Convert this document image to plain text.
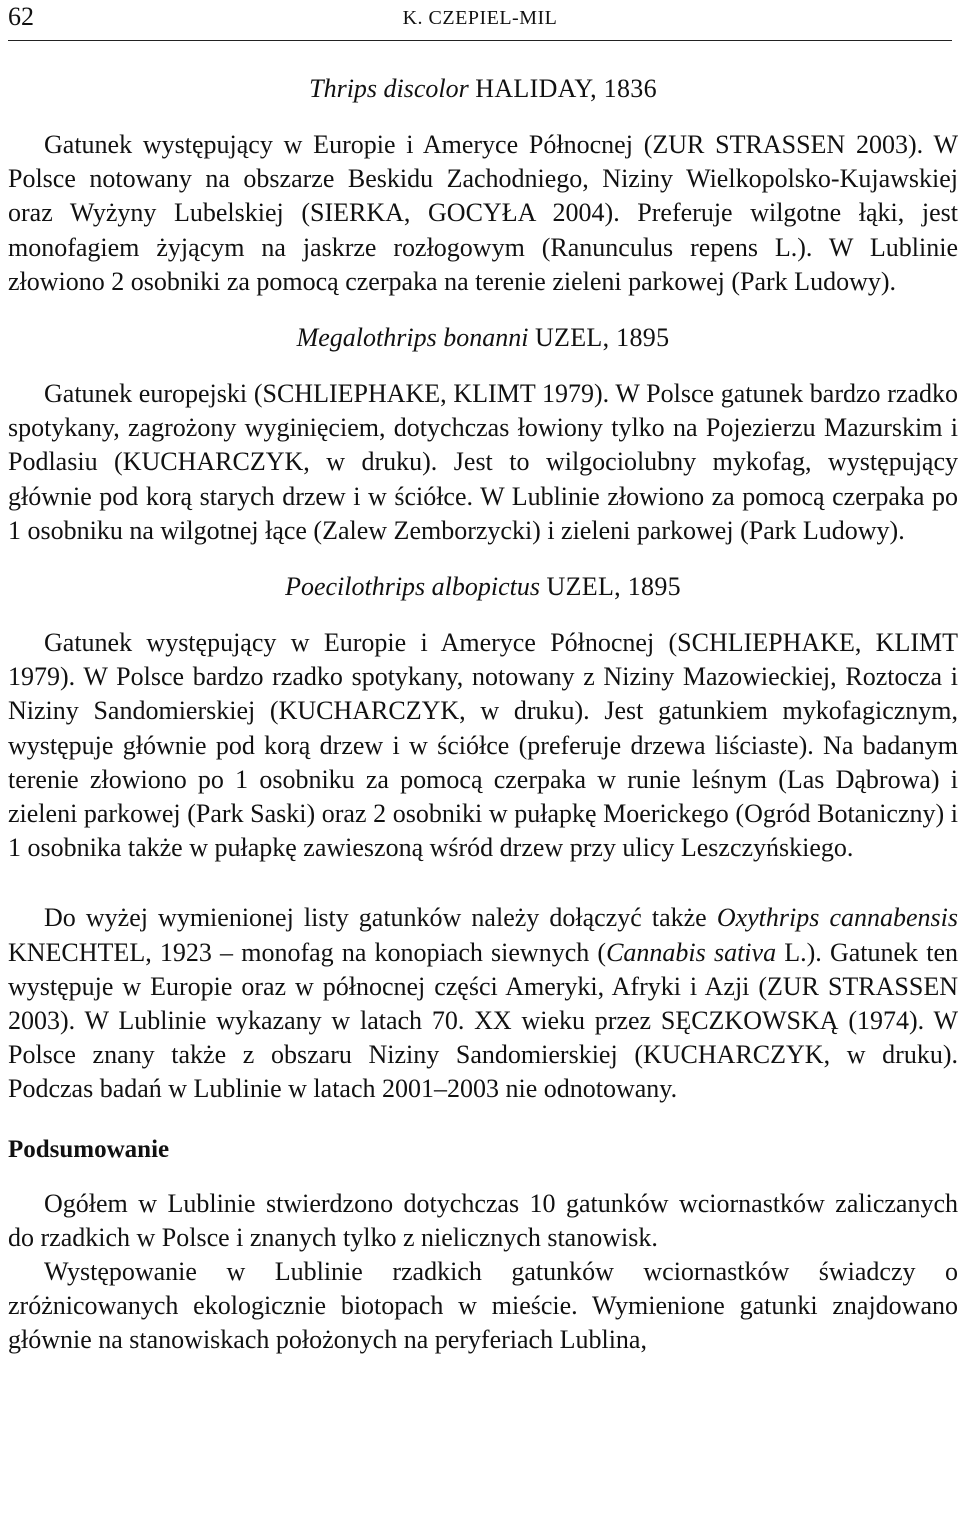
62	K. CZEPIEL-MIL
Thrips discolor HALIDAY, 1836

Gatunek występujący w Europie i Ameryce Północnej (ZUR STRASSEN 2003). W Polsce notowany na obszarze Beskidu Zachodniego, Niziny Wielkopolsko-Kujawskiej oraz Wyżyny Lubelskiej (SIERKA, GOCYŁA 2004). Preferuje wilgotne łąki, jest monofagiem żyjącym na jaskrze rozłogowym (Ranunculus repens L.). W Lublinie złowiono 2 osobniki za pomocą czerpaka na terenie zieleni parkowej (Park Ludowy).

Megalothrips bonanni UZEL, 1895

Gatunek europejski (SCHLIEPHAKE, KLIMT 1979). W Polsce gatunek bardzo rzadko spotykany, zagrożony wyginięciem, dotychczas łowiony tylko na Pojezierzu Mazurskim i Podlasiu (KUCHARCZYK, w druku). Jest to wilgociolubny mykofag, występujący głównie pod korą starych drzew i w ściółce. W Lublinie złowiono za pomocą czerpaka po 1 osobniku na wilgotnej łące (Zalew Zemborzycki) i zieleni parkowej (Park Ludowy).

Poecilothrips albopictus UZEL, 1895

Gatunek występujący w Europie i Ameryce Północnej (SCHLIEPHAKE, KLIMT 1979). W Polsce bardzo rzadko spotykany, notowany z Niziny Mazowieckiej, Roztocza i Niziny Sandomierskiej (KUCHARCZYK, w druku). Jest gatunkiem mykofagicznym, występuje głównie pod korą drzew i w ściółce (preferuje drzewa liściaste). Na badanym terenie złowiono po 1 osobniku za pomocą czerpaka w runie leśnym (Las Dąbrowa) i zieleni parkowej (Park Saski) oraz 2 osobniki w pułapkę Moerickego (Ogród Botaniczny) i 1 osobnika także w pułapkę zawieszoną wśród drzew przy ulicy Leszczyńskiego.

Do wyżej wymienionej listy gatunków należy dołączyć także Oxythrips cannabensis KNECHTEL, 1923 – monofag na konopiach siewnych (Cannabis sativa L.). Gatunek ten występuje w Europie oraz w północnej części Ameryki, Afryki i Azji (ZUR STRASSEN 2003). W Lublinie wykazany w latach 70. XX wieku przez SĘCZKOWSKĄ (1974). W Polsce znany także z obszaru Niziny Sandomierskiej (KUCHARCZYK, w druku). Podczas badań w Lublinie w latach 2001–2003 nie odnotowany.

Podsumowanie

Ogółem w Lublinie stwierdzono dotychczas 10 gatunków wciornastków zaliczanych do rzadkich w Polsce i znanych tylko z nielicznych stanowisk.

Występowanie w Lublinie rzadkich gatunków wciornastków świadczy o zróżnicowanych ekologicznie biotopach w mieście. Wymienione gatunki znajdowano głównie na stanowiskach położonych na peryferiach Lublina,
